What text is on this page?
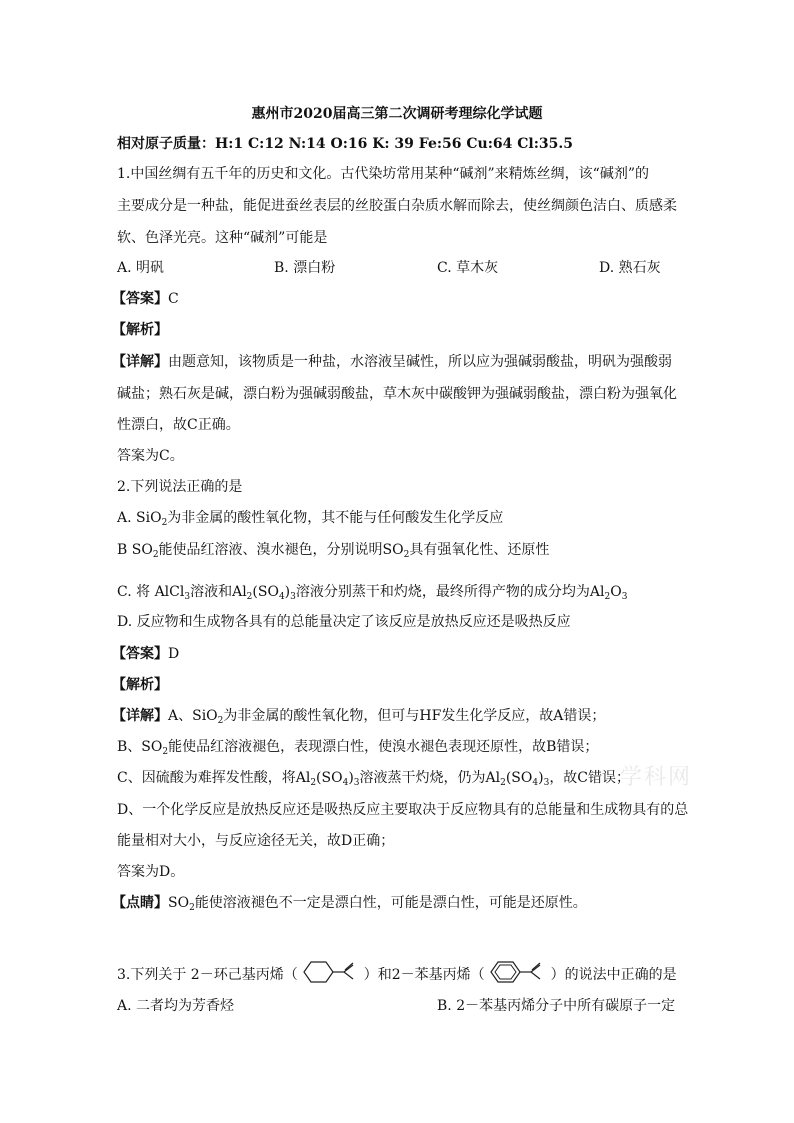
惠州市2020届高三第二次调研考理综化学试题
相对原子质量：H:1 C:12 N:14 O:16 K: 39 Fe:56 Cu:64 Cl:35.5
1.中国丝绸有五千年的历史和文化。古代染坊常用某种“碱剂”来精炼丝绸，该“碱剂”的
主要成分是一种盐，能促进蚕丝表层的丝胶蛋白杂质水解而除去，使丝绸颜色洁白、质感柔
软、色泽光亮。这种“碱剂”可能是
A. 明矾	B. 漂白粉	C. 草木灰	D. 熟石灰
【答案】C
【解析】
【详解】由题意知，该物质是一种盐，水溶液呈碱性，所以应为强碱弱酸盐，明矾为强酸弱
碱盐；熟石灰是碱，漂白粉为强碱弱酸盐，草木灰中碳酸钾为强碱弱酸盐，漂白粉为强氧化
性漂白，故C正确。
答案为C。
2.下列说法正确的是
A. SiO$_2$为非金属的酸性氧化物，其不能与任何酸发生化学反应
B $SO_2$能使品红溶液、溴水褪色，分别说明$SO_2$具有强氧化性、还原性
C. 将 AlCl$_3$溶液和$Al_2(SO_4)_3$溶液分别蒸干和灼烧，最终所得产物的成分均为$Al_2O_3$
D. 反应物和生成物各具有的总能量决定了该反应是放热反应还是吸热反应
【答案】D
【解析】
【详解】A、SiO$_2$为非金属的酸性氧化物，但可与HF发生化学反应，故A错误；
B、$SO_2$能使品红溶液褪色，表现漂白性，使溴水褪色表现还原性，故B错误；
C、因硫酸为难挥发性酸，将$Al_2(SO_4)_3$溶液蒸干灼烧，仍为$Al_2(SO_4)_3$，故C错误；
D、一个化学反应是放热反应还是吸热反应主要取决于反应物具有的总能量和生成物具有的总
能量相对大小，与反应途径无关，故D正确；
答案为D。
【点睛】$SO_2$能使溶液褪色不一定是漂白性，可能是漂白性，可能是还原性。
3.下列关于 2－环己基丙烯（	）和2－苯基丙烯（	）的说法中正确的是
A. 二者均为芳香烃	B. 2－苯基丙烯分子中所有碳原子一定
学科网
